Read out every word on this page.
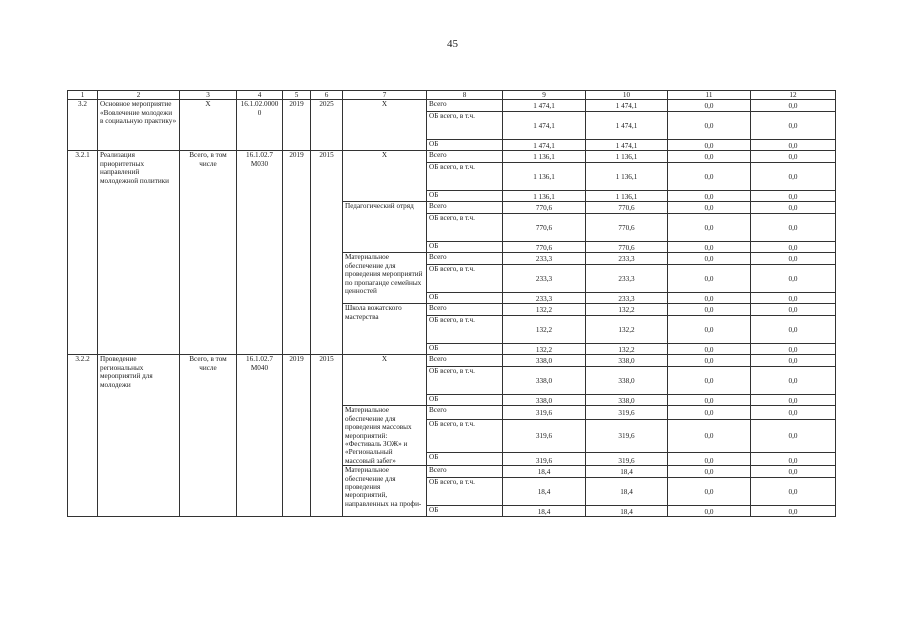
45
1	2	3	4	5	6	7	8	9	10	11	12
3.2	Основное мероприятие «Вовлечение молодежи в социальную практику»	Х	16.1.02.00000	2019	2025	Х	Всего	1 474,1	1 474,1	0,0	0,0
							ОБ всего, в т.ч.	1 474,1	1 474,1	0,0	0,0
							ОБ	1 474,1	1 474,1	0,0	0,0
3.2.1	Реализация приоритетных направлений молодежной политики	Всего, в том числе	16.1.02.7 М030	2019	2015	Х	Всего	1 136,1	1 136,1	0,0	0,0
							ОБ всего, в т.ч.	1 136,1	1 136,1	0,0	0,0
							ОБ	1 136,1	1 136,1	0,0	0,0
						Педагогический отряд	Всего	770,6	770,6	0,0	0,0
							ОБ всего, в т.ч.	770,6	770,6	0,0	0,0
							ОБ	770,6	770,6	0,0	0,0
						Материальное обеспечение для проведения мероприятий по пропаганде семейных ценностей	Всего	233,3	233,3	0,0	0,0
							ОБ всего, в т.ч.	233,3	233,3	0,0	0,0
							ОБ	233,3	233,3	0,0	0,0
						Школа вожатского мастерства	Всего	132,2	132,2	0,0	0,0
							ОБ всего, в т.ч.	132,2	132,2	0,0	0,0
							ОБ	132,2	132,2	0,0	0,0
3.2.2	Проведение региональных мероприятий для молодежи	Всего, в том числе	16.1.02.7 М040	2019	2015	Х	Всего	338,0	338,0	0,0	0,0
							ОБ всего, в т.ч.	338,0	338,0	0,0	0,0
							ОБ	338,0	338,0	0,0	0,0
						Материальное обеспечение для проведения массовых мероприятий: «Фестиваль ЗОЖ» и «Региональный массовый забег»	Всего	319,6	319,6	0,0	0,0
							ОБ всего, в т.ч.	319,6	319,6	0,0	0,0
							ОБ	319,6	319,6	0,0	0,0
						Материальное обеспечение для проведения мероприятий, направленных на профи-	Всего	18,4	18,4	0,0	0,0
							ОБ всего, в т.ч.	18,4	18,4	0,0	0,0
							ОБ	18,4	18,4	0,0	0,0
